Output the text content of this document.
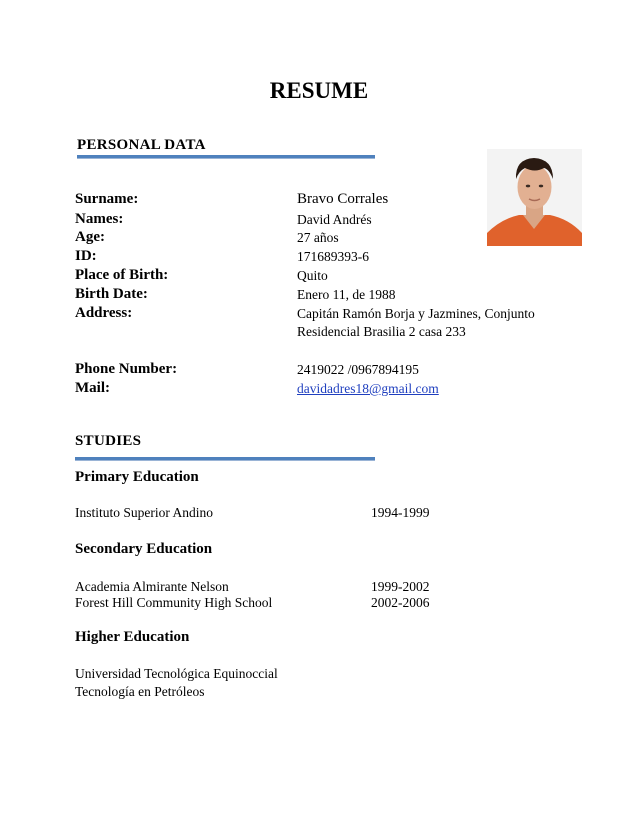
RESUME
PERSONAL DATA
Surname:	Bravo Corrales
Names:	David Andrés
Age:	27 años
ID:	171689393-6
Place of Birth:	Quito
Birth Date:	Enero 11, de 1988
Address:	Capitán Ramón Borja y Jazmines, Conjunto
Residencial Brasilia 2 casa 233
Phone Number:	2419022 /0967894195
Mail:	davidadres18@gmail.com
STUDIES
Primary Education
Instituto Superior Andino	1994-1999
Secondary Education
Academia Almirante Nelson	1999-2002
Forest Hill Community High School	2002-2006
Higher Education
Universidad Tecnológica Equinoccial
Tecnología en Petróleos
